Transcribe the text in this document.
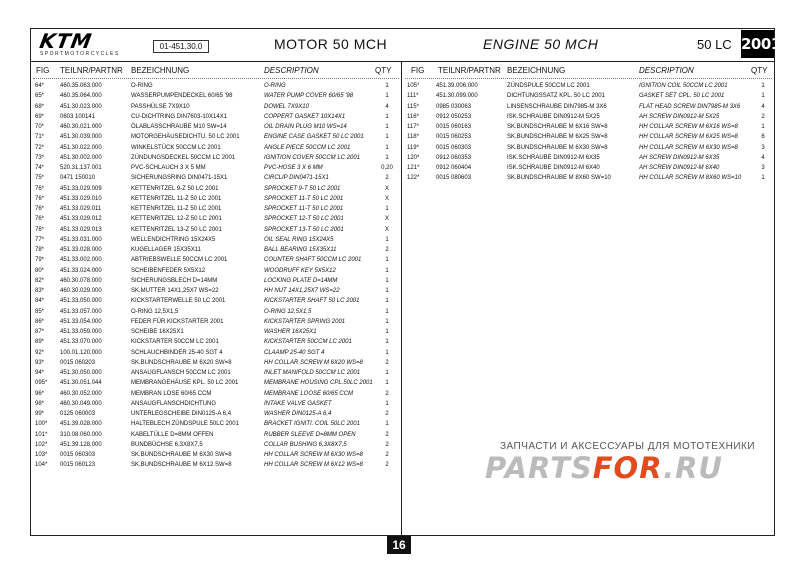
KTM
SPORTMOTORCYCLES
01-451.30.0	MOTOR 50 MCH	ENGINE 50 MCH	50 LC 2001
FIG TEILNR/PARTNR BEZEICHNUNG	DESCRIPTION	QTY FIG TEILNR/PARTNR BEZEICHNUNG	DESCRIPTION	QTY
64*	460.35.063.000	O-RING	O-RING	1
65*	460.35.064.000	WASSERPUMPENDECKEL 60/65 '98	WATER PUMP COVER 60/65 '98	1
68*	451.30.023.000	PASSHÜLSE 7X9X10	DOWEL 7X9X10	4
69*	0603 100141	CU-DICHTRING DIN7603-10X14X1	COPPERT GASKET 10X14X1	1
70*	460.30.021.000	ÖLABLASSCHRAUBE M10 SW=14	OIL DRAIN PLUG M10 WS=14	1
71*	451.30.039.000	MOTORGEHÄUSEDICHTU. 50 LC 2001	ENGINE CASE GASKET 50 LC 2001	1
72*	451.30.022.000	WINKELSTÜCK 50CCM LC 2001	ANGLE PIECE 50CCM LC 2001	1
73*	451.30.002.000	ZÜNDUNGSDECKEL 50CCM LC 2001	IGNITION COVER 50CCM LC 2001	1
74*	520.31.137.001	PVC-SCHLAUCH 3 X 5 MM	PVC-HOSE 3 X 6 MM	0,20
75*	0471 150010	SICHERUNGSRING DIN0471-15X1	CIRCLIP DIN0471-15X1	2
76*	451.33.029.009	KETTENRITZEL 9-Z 50 LC 2001	SPROCKET 9-T 50 LC 2001	X
76*	451.33.029.010	KETTENRITZEL 11-Z 50 LC 2001	SPROCKET 11-T 50 LC 2001	X
76*	451.33.029.011	KETTENRITZEL 11-Z 50 LC 2001	SPROCKET 11-T 50 LC 2001	1
76*	451.33.029.012	KETTENRITZEL 12-Z 50 LC 2001	SPROCKET 12-T 50 LC 2001	X
76*	451.33.029.013	KETTENRITZEL 13-Z 50 LC 2001	SPROCKET 13-T 50 LC 2001	X
77*	451.33.031.000	WELLENDICHTRING 15X24X5	OIL SEAL RING 15X24X5	1
78*	451.33.028.000	KUGELLAGER 15X35X11	BALL BEARING 15X35X11	2
79*	451.33.002.000	ABTRIEBSWELLE 50CCM LC 2001	COUNTER SHAFT 50CCM LC 2001	1
80*	451.33.024.000	SCHEIBENFEDER 5X5X12	WOODRUFF KEY 5X5X12	1
82*	460.30.078.000	SICHERUNGSBLECH D=14MM	LOCKING PLATE D=14MM	1
83*	460.30.029.000	SK.MUTTER 14X1,25X7 WS=22	HH NUT 14X1,25X7 WS=22	1
84*	451.33.050.000	KICKSTARTERWELLE 50 LC 2001	KICKSTARTER SHAFT 50 LC 2001	1
85*	451.33.057.000	O-RING 12,5X1,5	O-RING 12,5X1,5	1
86*	451.33.054.000	FEDER FÜR KICKSTARTER 2001	KICKSTARTER SPRING 2001	1
87*	451.33.059.000	SCHEIBE 16X25X1	WASHER 16X25X1	1
89*	451.33.070.000	KICKSTARTER 50CCM LC 2001	KICKSTARTER 50CCM LC 2001	1
92*	100.01.120.000	SCHLAUCHBINDER 25-40 SGT 4	CLAAMP 25-40 SGT 4	1
93*	0015 060203	SK.BUNDSCHRAUBE M 6X20 SW=8	HH COLLAR SCREW M 6X20 WS=8	2
94*	451.30.050.000	ANSAUGFLANSCH 50CCM LC 2001	INLET MANIFOLD 50CCM LC 2001	1
095*	451.30.051.044	MEMBRANGEHÄUSE KPL. 50 LC 2001	MEMBRANE HOUSING CPL.50LC 2001	1
96*	460.30.052.000	MEMBRAN LOSE 60/65 CCM	MEMBRANE LOOSE 60/65 CCM	2
98*	460.30.049.000	ANSAUGFLANSCHDICHTUNG	INTAKE VALVE GASKET	1
99*	0125 060003	UNTERLEGSCHEIBE DIN0125-A 6,4	WASHER DIN0125-A 6,4	2
100*	451.39.028.000	HALTEBLECH ZÜNDSPULE 50LC 2001	BRACKET IGNITI. COIL 50LC 2001	1
101*	310.08.060.000	KABELTÜLLE D=8MM OFFEN	RUBBER SLEEVE D=8MM OPEN	2
102*	451.39.128.000	BUNDBÜCHSE 6,3X8X7,5	COLLAR BUSHING 6,3X8X7,5	2
103*	0015 060303	SK.BUNDSCHRAUBE M 6X30 SW=8	HH COLLAR SCREW M 6X30 WS=8	2
104*	0015 060123	SK.BUNDSCHRAUBE M 6X12 SW=8	HH COLLAR SCREW M 6X12 WS=8	2
105*	451.39.006.000	ZÜNDSPULE 50CCM LC 2001	IGNITION COIL 50CCM LC 2001	1
111*	451.30.099.000	DICHTUNGSSATZ KPL. 50 LC 2001	GASKET SET CPL. 50 LC 2001	1
115*	0985 030063	LINSENSCHRAUBE DIN7985-M 3X6	FLAT HEAD SCREW DIN7985-M 3X6	4
116*	0912 050253	ISK.SCHRAUBE DIN0912-M 5X25	AH SCREW DIN0912-M 5X25	2
117*	0015 060163	SK.BUNDSCHRAUBE M 6X16 SW=8	HH COLLAR SCREW M 6X16 WS=8	1
118*	0015 060253	SK.BUNDSCHRAUBE M 6X25 SW=8	HH COLLAR SCREW M 6X25 WS=8	6
119*	0015 060303	SK.BUNDSCHRAUBE M 6X30 SW=8	HH COLLAR SCREW M 6X30 WS=8	3
120*	0912 060353	ISK.SCHRAUBE DIN0912-M 6X35	AH SCREW DIN0912-M 6X35	4
121*	0912 060404	ISK.SCHRAUBE DIN0912-M 6X40	AH SCREW DIN0912-M 6X40	3
122*	0015 080603	SK.BUNDSCHRAUBE M 8X60 SW=10	HH COLLAR SCREW M 8X60 WS=10	1
ЗАПЧАСТИ И АКСЕССУАРЫ ДЛЯ МОТОТЕХНИКИ
PARTSFOR.RU
16
